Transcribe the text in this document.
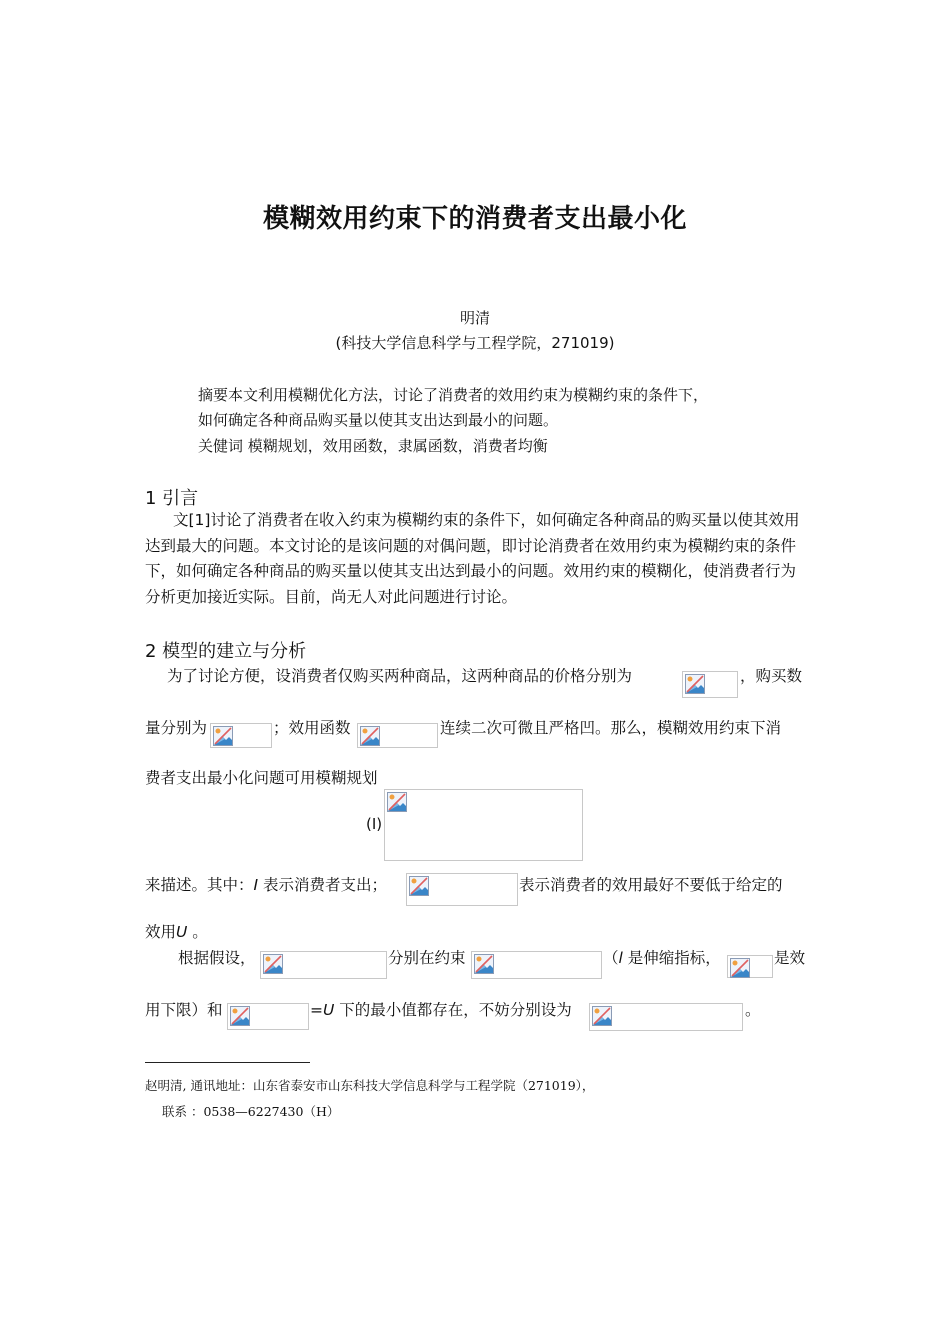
模糊效用约束下的消费者支出最小化
明清
(科技大学信息科学与工程学院，271019)
摘要本文利用模糊优化方法，讨论了消费者的效用约束为模糊约束的条件下，
如何确定各种商品购买量以使其支出达到最小的问题。
关健词 模糊规划，效用函数，隶属函数，消费者均衡
1 引言
文[1]讨论了消费者在收入约束为模糊约束的条件下，如何确定各种商品的购买量以使其效用达到最大的问题。本文讨论的是该问题的对偶问题，即讨论消费者在效用约束为模糊约束的条件下，如何确定各种商品的购买量以使其支出达到最小的问题。效用约束的模糊化，使消费者行为分析更加接近实际。目前，尚无人对此问题进行讨论。
2 模型的建立与分析
为了讨论方便，设消费者仅购买两种商品，这两种商品的价格分别为	，购买数
量分别为	；效用函数	连续二次可微且严格凹。那么，模糊效用约束下消
费者支出最小化问题可用模糊规划
(I)
来描述。其中：I 表示消费者支出；	表示消费者的效用最好不要低于给定的
效用U 。
根据假设，	分别在约束	（l 是伸缩指标，	是效
用下限）和	=U 下的最小值都存在，不妨分别设为	。
赵明清, 通讯地址：山东省泰安市山东科技大学信息科学与工程学院（271019），
联系 ：0538—6227430（H）
